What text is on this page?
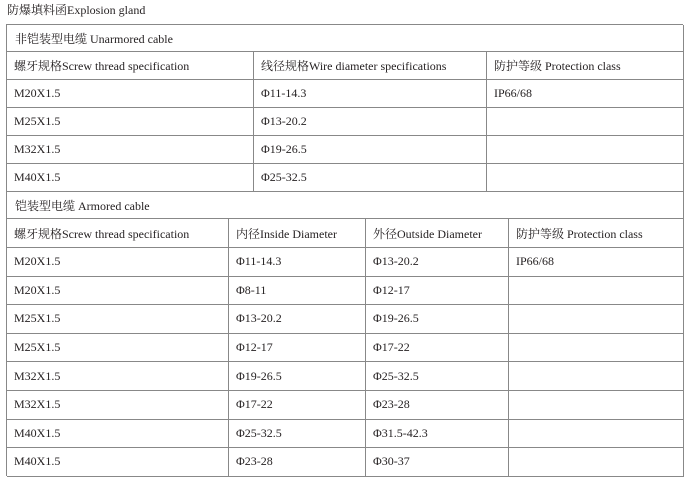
防爆填料函Explosion gland
非铠装型电缆 Unarmored cable
铠装型电缆 Armored cable
螺牙规格Screw thread specification	线径规格Wire diameter specifications	防护等级 Protection class
M20X1.5	Φ11-14.3	IP66/68
M25X1.5	Φ13-20.2
M32X1.5	Φ19-26.5
M40X1.5	Φ25-32.5
螺牙规格Screw thread specification	内径Inside Diameter	外径Outside Diameter	防护等级 Protection class
M20X1.5	Φ11-14.3	Φ13-20.2	IP66/68
M20X1.5	Φ8-11	Φ12-17
M25X1.5	Φ13-20.2	Φ19-26.5
M25X1.5	Φ12-17	Φ17-22
M32X1.5	Φ19-26.5	Φ25-32.5
M32X1.5	Φ17-22	Φ23-28
M40X1.5	Φ25-32.5	Φ31.5-42.3
M40X1.5	Φ23-28	Φ30-37
